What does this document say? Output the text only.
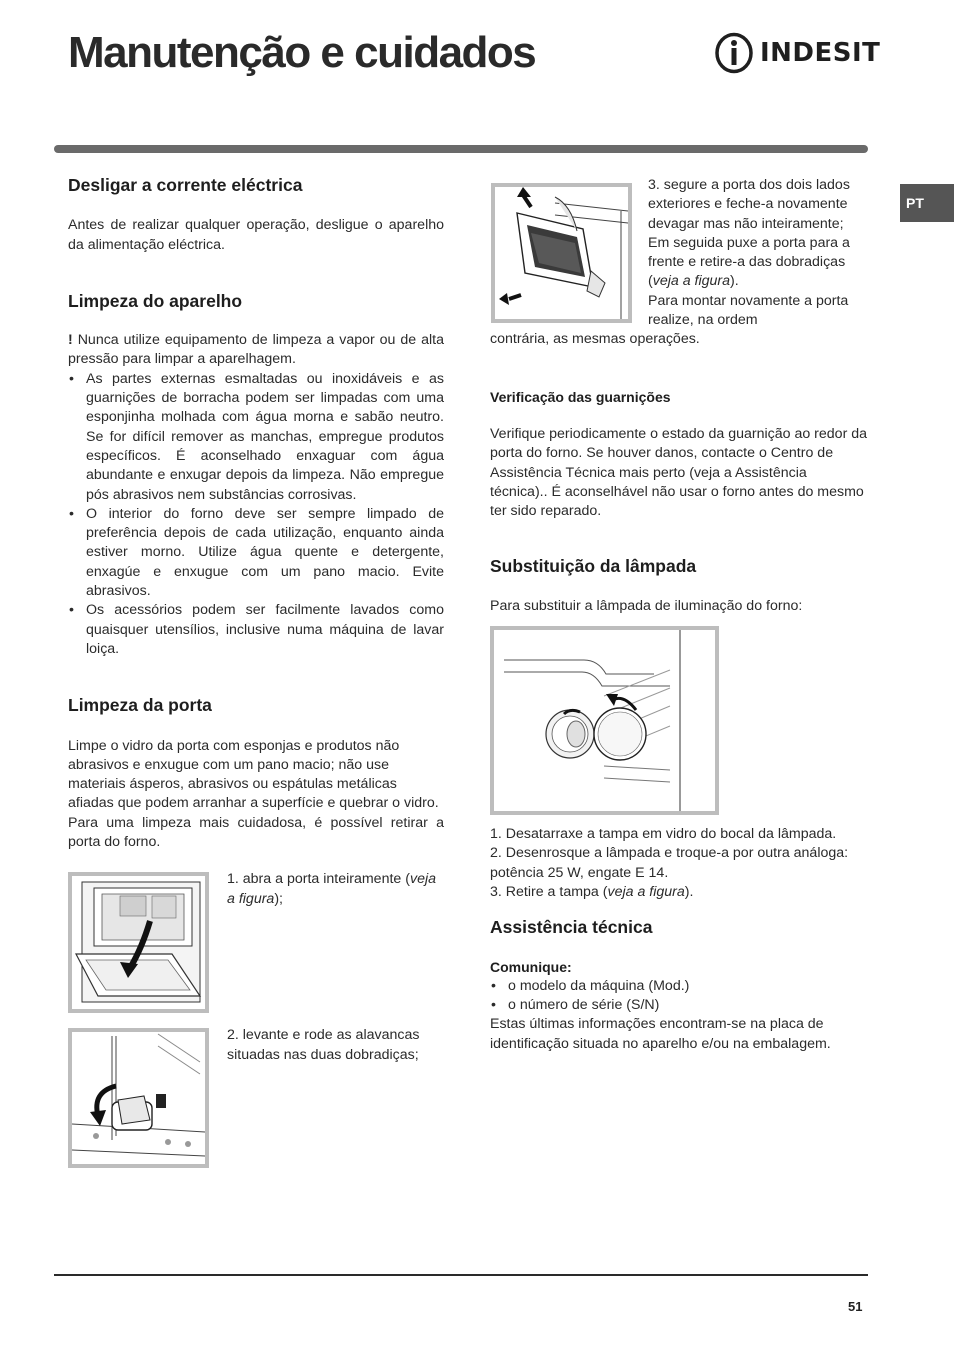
Manutenção e cuidados	INDESIT
PT
Desligar a corrente eléctrica

Antes de realizar qualquer operação, desligue o aparelho da alimentação eléctrica.

Limpeza do aparelho

! Nunca utilize equipamento de limpeza a vapor ou de alta pressão para limpar a aparelhagem.

• As partes externas esmaltadas ou inoxidáveis e as guarnições de borracha podem ser limpadas com uma esponjinha molhada com água morna e sabão neutro. Se for difícil remover as manchas, empregue produtos específicos. É aconselhado enxaguar com água abundante e enxugar depois da limpeza. Não empregue pós abrasivos nem substâncias corrosivas.
• O interior do forno deve ser sempre limpado de preferência depois de cada utilização, enquanto ainda estiver morno. Utilize água quente e detergente, enxagúe e enxugue com um pano macio. Evite abrasivos.
• Os acessórios podem ser facilmente lavados como quaisquer utensílios, inclusive numa máquina de lavar loiça.
Limpeza da porta

Limpe o vidro da porta com esponjas e produtos não abrasivos e enxugue com um pano macio; não use materiais ásperos, abrasivos ou espátulas metálicas afiadas que podem arranhar a superfície e quebrar o vidro.

Para uma limpeza mais cuidadosa, é possível retirar a porta do forno.

1. abra a porta inteiramente (veja a figura);

2. levante e rode as alavancas situadas nas duas dobradiças;

3. segure a porta dos dois lados exteriores e feche-a novamente devagar mas não inteiramente; Em seguida puxe a porta para a frente e retire-a das dobradiças (veja a figura).

Para montar novamente a porta realize, na ordem

contrária, as mesmas operações.

Verificação das guarnições

Verifique periodicamente o estado da guarnição ao redor da porta do forno. Se houver danos, contacte o Centro de Assistência Técnica mais perto (veja a Assistência técnica).. É aconselhável não usar o forno antes do mesmo ter sido reparado.

Substituição da lâmpada

Para substituir a lâmpada de iluminação do forno:

1. Desatarraxe a tampa em vidro do bocal da lâmpada.

2. Desenrosque a lâmpada e troque-a por outra análoga: potência 25 W, engate E 14.

3. Retire a tampa (veja a figura).

Assistência técnica

Comunique:

• o modelo da máquina (Mod.)
• o número de série (S/N)

Estas últimas informações encontram-se na placa de identificação situada no aparelho e/ou na embalagem.

51
